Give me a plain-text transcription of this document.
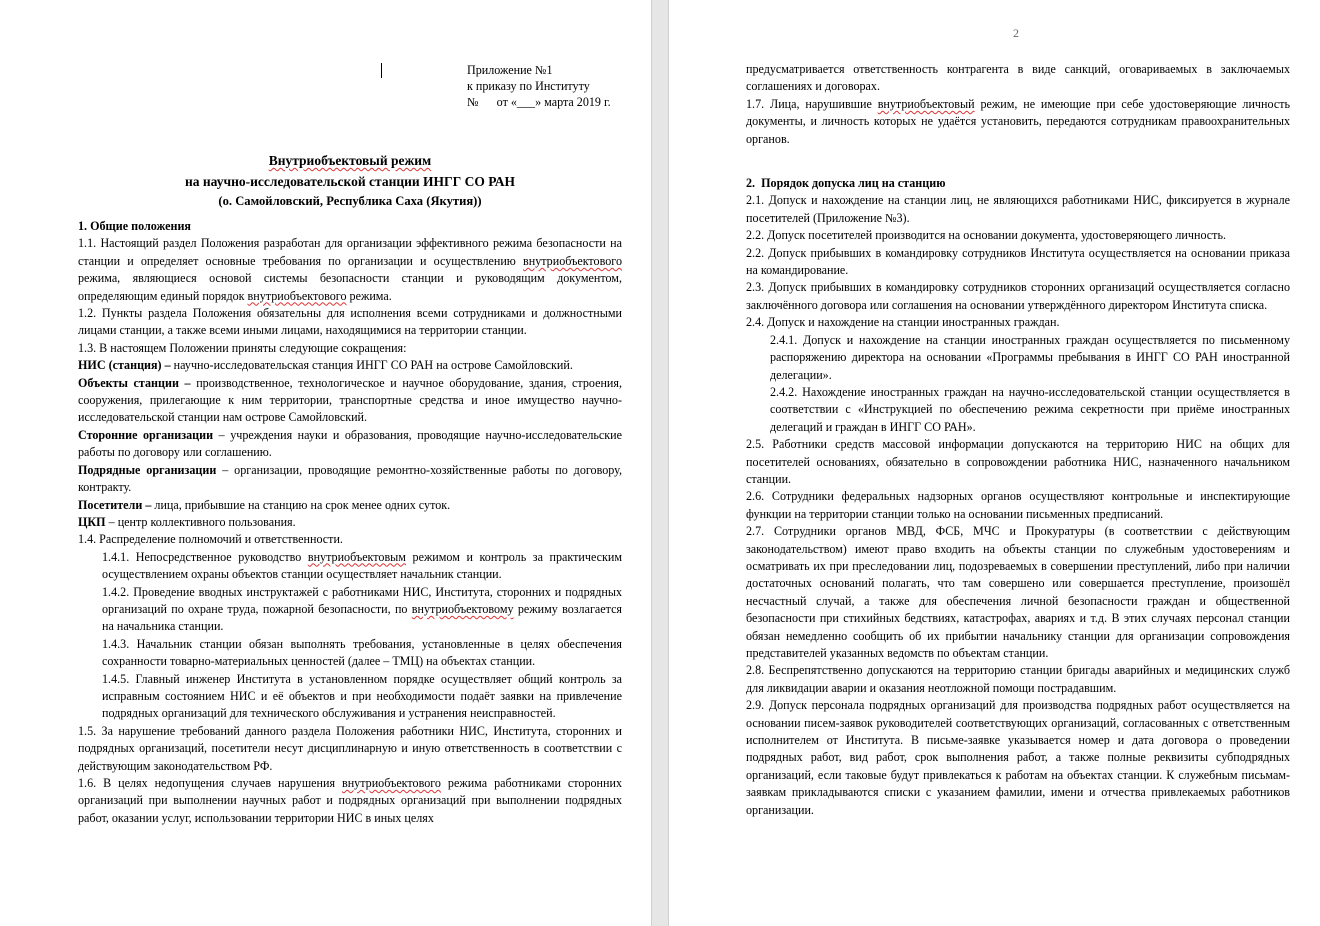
Приложение №1
к приказу по Институту
№      от «___» марта 2019 г.
Внутриобъектовый режим
на научно-исследовательской станции ИНГГ СО РАН
(о. Самойловский, Республика Саха (Якутия))

1. Общие положения

1.1. Настоящий раздел Положения разработан для организации эффективного режима безопасности на станции и определяет основные требования по организации и осуществлению внутриобъектового режима, являющиеся основой системы безопасности станции и руководящим документом, определяющим единый порядок внутриобъектового режима.

1.2. Пункты раздела Положения обязательны для исполнения всеми сотрудниками и должностными лицами станции, а также всеми иными лицами, находящимися на территории станции.

1.3. В настоящем Положении приняты следующие сокращения:

НИС (станция) – научно-исследовательская станция ИНГГ СО РАН на острове Самойловский.

Объекты станции – производственное, технологическое и научное оборудование, здания, строения, сооружения, прилегающие к ним территории, транспортные средства и иное имущество научно-исследовательской станции нам острове Самойловский.

Сторонние организации – учреждения науки и образования, проводящие научно-исследовательские работы по договору или соглашению.

Подрядные организации – организации, проводящие ремонтно-хозяйственные работы по договору, контракту.

Посетители – лица, прибывшие на станцию на срок менее одних суток.

ЦКП – центр коллективного пользования.

1.4. Распределение полномочий и ответственности.

1.4.1. Непосредственное руководство внутриобъектовым режимом и контроль за практическим осуществлением охраны объектов станции осуществляет начальник станции.

1.4.2. Проведение вводных инструктажей с работниками НИС, Института, сторонних и подрядных организаций по охране труда, пожарной безопасности, по внутриобъектовому режиму возлагается на начальника станции.

1.4.3. Начальник станции обязан выполнять требования, установленные в целях обеспечения сохранности товарно-материальных ценностей (далее – ТМЦ) на объектах станции.

1.4.5. Главный инженер Института в установленном порядке осуществляет общий контроль за исправным состоянием НИС и её объектов и при необходимости подаёт заявки на привлечение подрядных организаций для технического обслуживания и устранения неисправностей.

1.5. За нарушение требований данного раздела Положения работники НИС, Института, сторонних и подрядных организаций, посетители несут дисциплинарную и иную ответственность в соответствии с действующим законодательством РФ.

1.6. В целях недопущения случаев нарушения внутриобъектового режима работниками сторонних организаций при выполнении научных работ и подрядных организаций при выполнении подрядных работ, оказании услуг, использовании территории НИС в иных целях

2

предусматривается ответственность контрагента в виде санкций, оговариваемых в заключаемых соглашениях и договорах.

1.7. Лица, нарушившие внутриобъектовый режим, не имеющие при себе удостоверяющие личность документы, и личность которых не удаётся установить, передаются сотрудникам правоохранительных органов.

2.  Порядок допуска лиц на станцию

2.1. Допуск и нахождение на станции лиц, не являющихся работниками НИС, фиксируется в журнале посетителей (Приложение №3).

2.2. Допуск посетителей производится на основании документа, удостоверяющего личность.

2.2. Допуск прибывших в командировку сотрудников Института осуществляется на основании приказа на командирование.

2.3. Допуск прибывших в командировку сотрудников сторонних организаций осуществляется согласно заключённого договора или соглашения на основании утверждённого директором Института списка.

2.4. Допуск и нахождение на станции иностранных граждан.

2.4.1. Допуск и нахождение на станции иностранных граждан осуществляется по письменному распоряжению директора на основании «Программы пребывания в ИНГГ СО РАН иностранной делегации».

2.4.2. Нахождение иностранных граждан на научно-исследовательской станции осуществляется в соответствии с «Инструкцией по обеспечению режима секретности при приёме иностранных делегаций и граждан в ИНГГ СО РАН».

2.5. Работники средств массовой информации допускаются на территорию НИС на общих для посетителей основаниях, обязательно в сопровождении работника НИС, назначенного начальником станции.

2.6. Сотрудники федеральных надзорных органов осуществляют контрольные и инспектирующие функции на территории станции только на основании письменных предписаний.

2.7. Сотрудники органов МВД, ФСБ, МЧС и Прокуратуры (в соответствии с действующим законодательством) имеют право входить на объекты станции по служебным удостоверениям и осматривать их при преследовании лиц, подозреваемых в совершении преступлений, либо при наличии достаточных оснований полагать, что там совершено или совершается преступление, произошёл несчастный случай, а также для обеспечения личной безопасности граждан и общественной безопасности при стихийных бедствиях, катастрофах, авариях и т.д. В этих случаях персонал станции обязан немедленно сообщить об их прибытии начальнику станции для организации сопровождения представителей указанных ведомств по объектам станции.

2.8. Беспрепятственно допускаются на территорию станции бригады аварийных и медицинских служб для ликвидации аварии и оказания неотложной помощи пострадавшим.

2.9. Допуск персонала подрядных организаций для производства подрядных работ осуществляется на основании писем-заявок руководителей соответствующих организаций, согласованных с ответственным исполнителем от Института. В письме-заявке указывается номер и дата договора о проведении подрядных работ, вид работ, срок выполнения работ, а также полные реквизиты субподрядных организаций, если таковые будут привлекаться к работам на объектах станции. К служебным письмам-заявкам прикладываются списки с указанием фамилии, имени и отчества привлекаемых работников организации.
